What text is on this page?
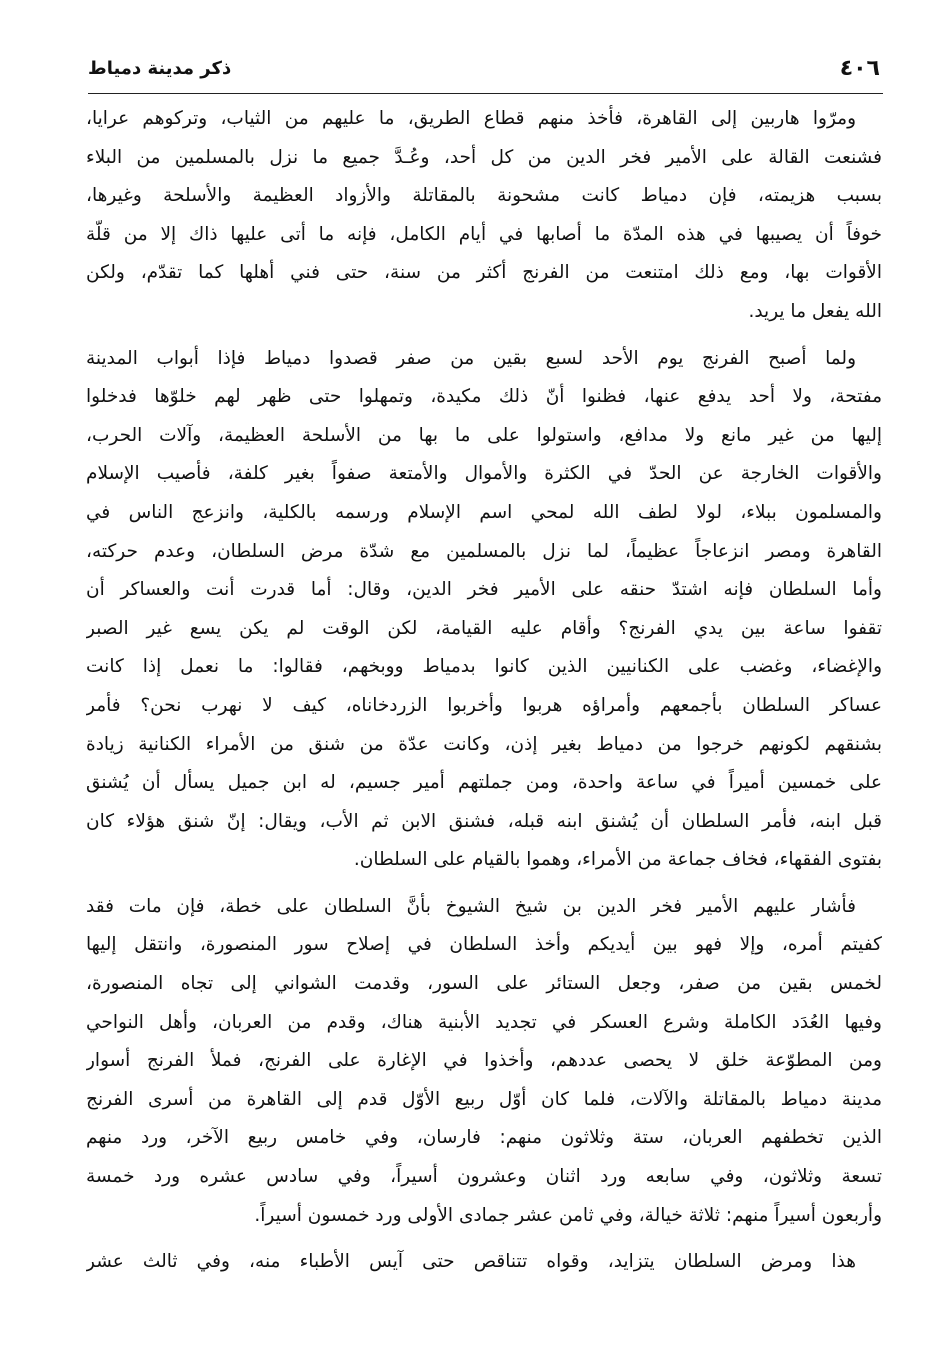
٤٠٦
ذكر مدينة دمياط
ومرّوا هاربين إلى القاهرة، فأخذ منهم قطاع الطريق، ما عليهم من الثياب، وتركوهم عرايا،
فشنعت القالة على الأمير فخر الدين من كل أحد، وعُـدَّ جميع ما نزل بالمسلمين من البلاء
بسبب هزيمته، فإن دمياط كانت مشحونة بالمقاتلة والأزواد العظيمة والأسلحة وغيرها،
خوفاً أن يصيبها في هذه المدّة ما أصابها في أيام الكامل، فإنه ما أتى عليها ذاك إلا من قلّة
الأقوات بها، ومع ذلك امتنعت من الفرنج أكثر من سنة، حتى فني أهلها كما تقدّم، ولكن
الله يفعل ما يريد.
ولما أصبح الفرنج يوم الأحد لسبع بقين من صفر قصدوا دمياط فإذا أبواب المدينة
مفتحة، ولا أحد يدفع عنها، فظنوا أنّ ذلك مكيدة، وتمهلوا حتى ظهر لهم خلوّها فدخلوا
إليها من غير مانع ولا مدافع، واستولوا على ما بها من الأسلحة العظيمة، وآلات الحرب،
والأقوات الخارجة عن الحدّ في الكثرة والأموال والأمتعة صفواً بغير كلفة، فأصيب الإسلام
والمسلمون ببلاء، لولا لطف الله لمحي اسم الإسلام ورسمه بالكلية، وانزعج الناس في
القاهرة ومصر انزعاجاً عظيماً، لما نزل بالمسلمين مع شدّة مرض السلطان، وعدم حركته،
وأما السلطان فإنه اشتدّ حنقه على الأمير فخر الدين، وقال: أما قدرت أنت والعساكر أن
تقفوا ساعة بين يدي الفرنج؟ وأقام عليه القيامة، لكن الوقت لم يكن يسع غير الصبر
والإغضاء، وغضب على الكنانيين الذين كانوا بدمياط ووبخهم، فقالوا: ما نعمل إذا كانت
عساكر السلطان بأجمعهم وأمراؤه هربوا وأخربوا الزردخاناه، كيف لا نهرب نحن؟ فأمر
بشنقهم لكونهم خرجوا من دمياط بغير إذن، وكانت عدّة من شنق من الأمراء الكنانية زيادة
على خمسين أميراً في ساعة واحدة، ومن جملتهم أمير جسيم، له ابن جميل يسأل أن يُشنق
قبل ابنه، فأمر السلطان أن يُشنق ابنه قبله، فشنق الابن ثم الأب، ويقال: إنّ شنق هؤلاء كان
بفتوى الفقهاء، فخاف جماعة من الأمراء، وهموا بالقيام على السلطان.
فأشار عليهم الأمير فخر الدين بن شيخ الشيوخ بأنَّ السلطان على خطة، فإن مات فقد
كفيتم أمره، وإلا فهو بين أيديكم وأخذ السلطان في إصلاح سور المنصورة، وانتقل إليها
لخمس بقين من صفر، وجعل الستائر على السور، وقدمت الشواني إلى تجاه المنصورة،
وفيها العُدَد الكاملة وشرع العسكر في تجديد الأبنية هناك، وقدم من العربان، وأهل النواحي
ومن المطوّعة خلق لا يحصى عددهم، وأخذوا في الإغارة على الفرنج، فملأ الفرنج أسوار
مدينة دمياط بالمقاتلة والآلات، فلما كان أوّل ربيع الأوّل قدم إلى القاهرة من أسرى الفرنج
الذين تخطفهم العربان، ستة وثلاثون منهم: فارسان، وفي خامس ربيع الآخر، ورد منهم
تسعة وثلاثون، وفي سابعه ورد اثنان وعشرون أسيراً، وفي سادس عشره ورد خمسة
وأربعون أسيراً منهم: ثلاثة خيالة، وفي ثامن عشر جمادى الأولى ورد خمسون أسيراً.
هذا ومرض السلطان يتزايد، وقواه تتناقص حتى آيس الأطباء منه، وفي ثالث عشر
